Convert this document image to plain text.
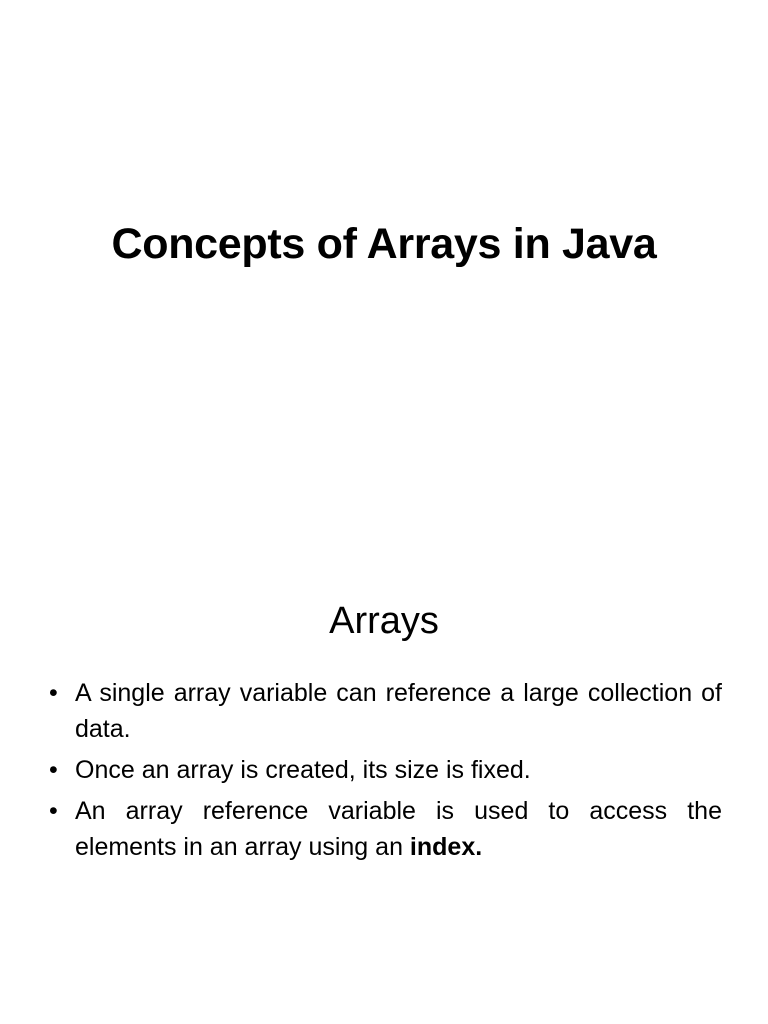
Concepts of Arrays in Java
Arrays
• A single array variable can reference a large collection of data.
• Once an array is created, its size is fixed.
• An array reference variable is used to access the elements in an array using an index.
